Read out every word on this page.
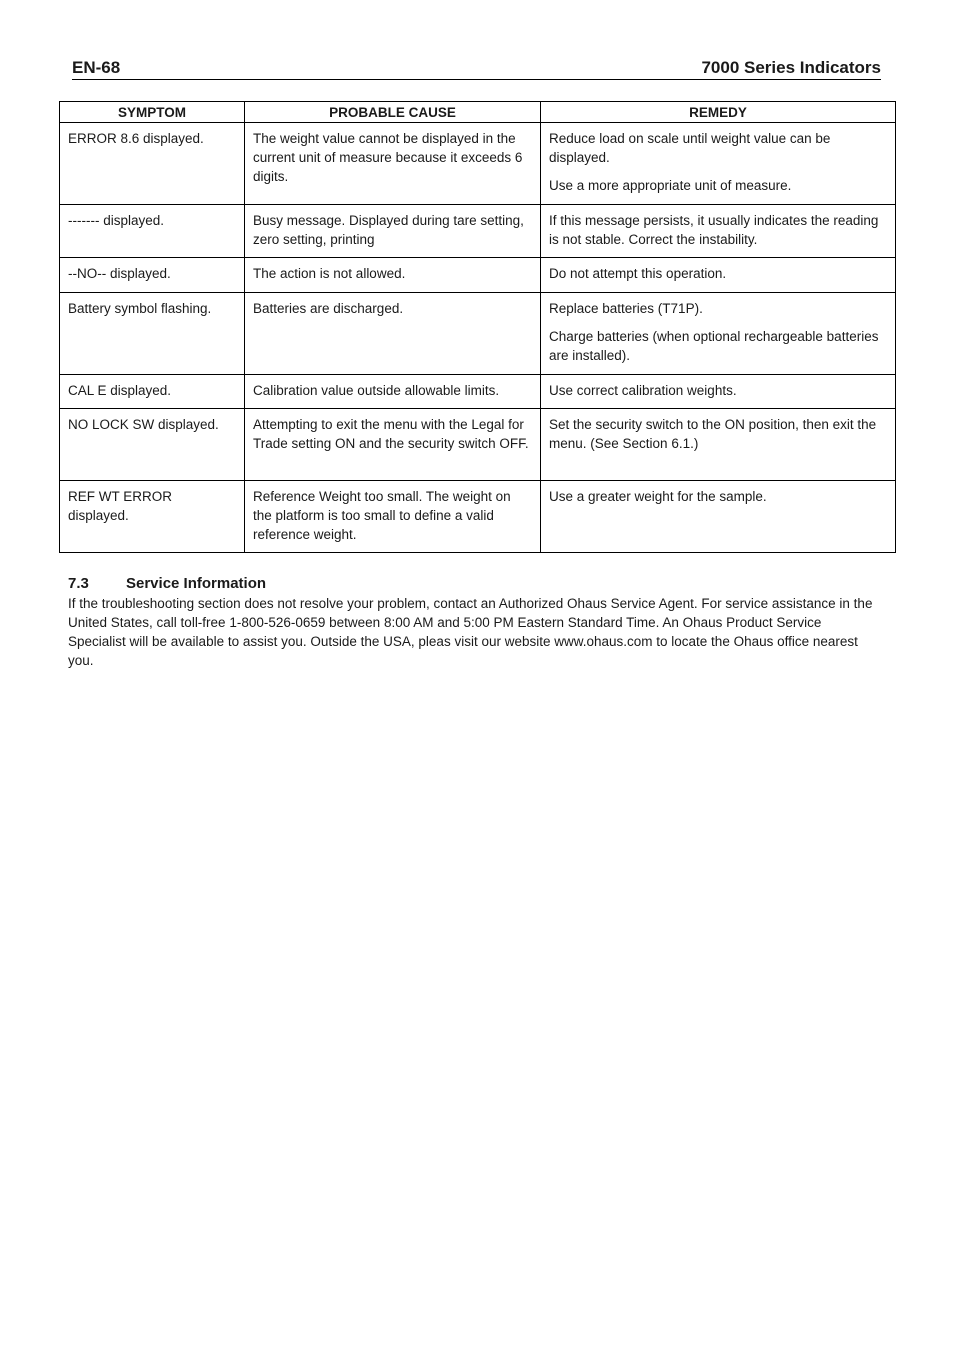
EN-68	7000 Series Indicators
SYMPTOM	PROBABLE CAUSE	REMEDY
ERROR 8.6 displayed.	The weight value cannot be displayed in the current unit of measure because it exceeds 6 digits.	Reduce load on scale until weight value can be displayed.

Use a more appropriate unit of measure.

------- displayed.	Busy message. Displayed during tare setting, zero setting, printing	If this message persists, it usually indicates the reading is not stable. Correct the instability.

--NO-- displayed.	The action is not allowed.	Do not attempt this operation.

Battery symbol flashing.	Batteries are discharged.	Replace batteries (T71P).

Charge batteries (when optional rechargeable batteries are installed).

CAL E displayed.	Calibration value outside allowable limits.	Use correct calibration weights.

NO LOCK SW displayed.	Attempting to exit the menu with the Legal for Trade setting ON and the security switch OFF.	Set the security switch to the ON position, then exit the menu. (See Section 6.1.)

REF WT ERROR displayed.	Reference Weight too small. The weight on the platform is too small to define a valid reference weight.	Use a greater weight for the sample.

7.3 Service Information

If the troubleshooting section does not resolve your problem, contact an Authorized Ohaus Service Agent. For service assistance in the United States, call toll-free 1-800-526-0659 between 8:00 AM and 5:00 PM Eastern Standard Time. An Ohaus Product Service Specialist will be available to assist you. Outside the USA, pleas visit our website www.ohaus.com to locate the Ohaus office nearest you.
